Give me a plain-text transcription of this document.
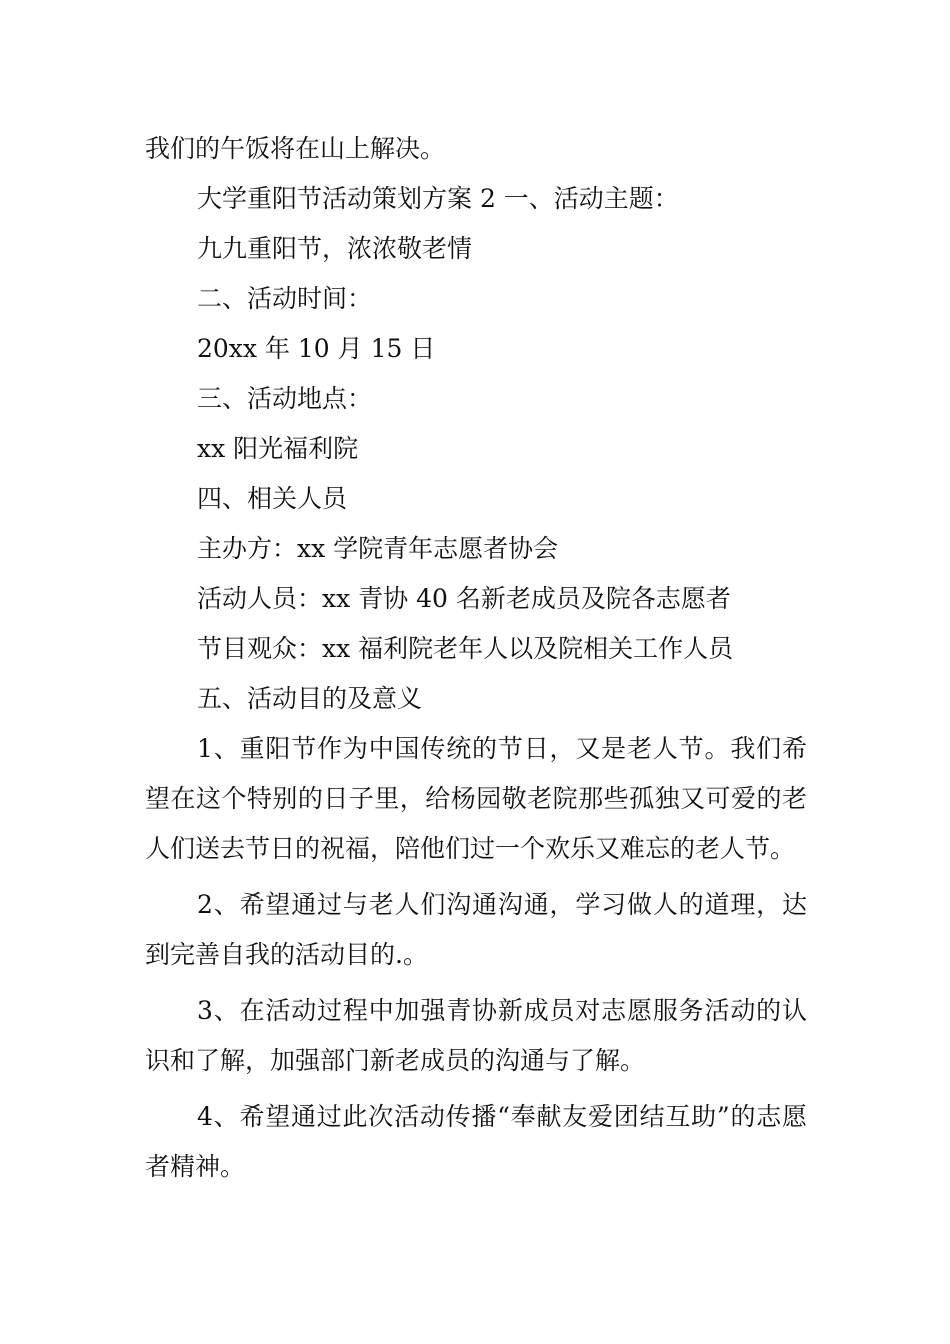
我们的午饭将在山上解决。

大学重阳节活动策划方案 2 一、活动主题：

九九重阳节，浓浓敬老情

二、活动时间：

20xx 年 10 月 15 日

三、活动地点：

xx 阳光福利院

四、相关人员

主办方：xx 学院青年志愿者协会

活动人员：xx 青协 40 名新老成员及院各志愿者

节目观众：xx 福利院老年人以及院相关工作人员

五、活动目的及意义

1、重阳节作为中国传统的节日，又是老人节。我们希望在这个特别的日子里，给杨园敬老院那些孤独又可爱的老人们送去节日的祝福，陪他们过一个欢乐又难忘的老人节。

2、希望通过与老人们沟通沟通，学习做人的道理，达到完善自我的活动目的.。

3、在活动过程中加强青协新成员对志愿服务活动的认识和了解，加强部门新老成员的沟通与了解。

4、希望通过此次活动传播“奉献友爱团结互助”的志愿者精神。
